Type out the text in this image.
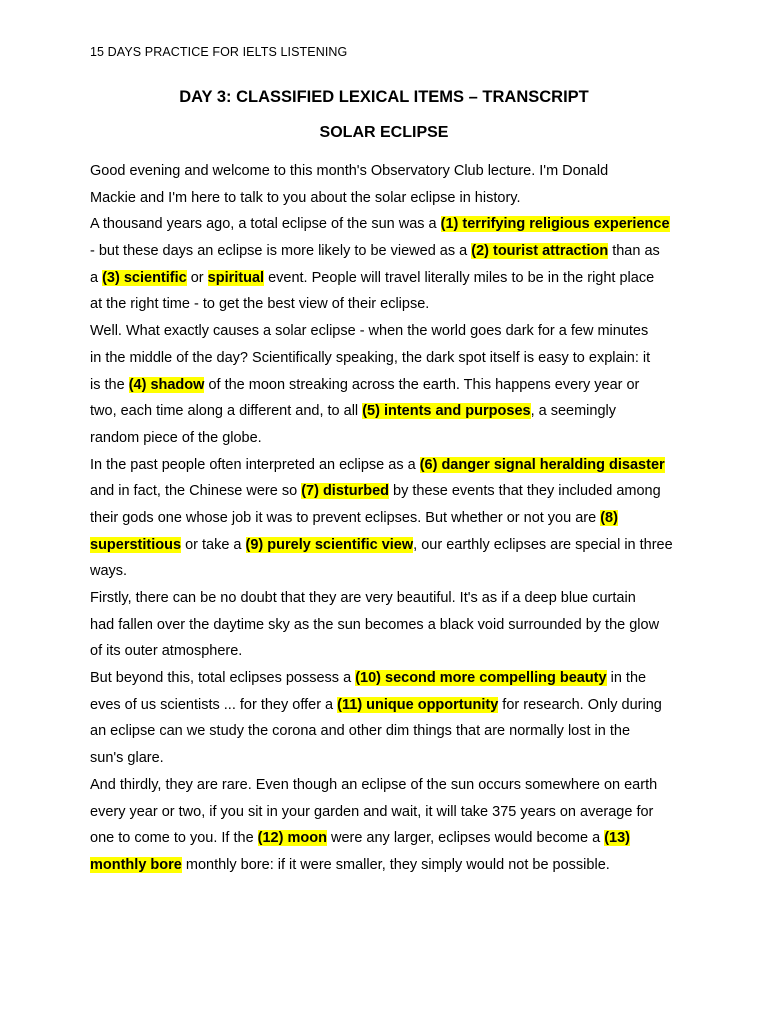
15 DAYS PRACTICE FOR IELTS LISTENING
DAY 3: CLASSIFIED LEXICAL ITEMS – TRANSCRIPT
SOLAR ECLIPSE
Good evening and welcome to this month's Observatory Club lecture. I'm Donald
Mackie and I'm here to talk to you about the solar eclipse in history.
A thousand years ago, a total eclipse of the sun was a (1) terrifying religious experience
- but these days an eclipse is more likely to be viewed as a (2) tourist attraction than as
a (3) scientific or spiritual event. People will travel literally miles to be in the right place
at the right time - to get the best view of their eclipse.
Well. What exactly causes a solar eclipse - when the world goes dark for a few minutes
in the middle of the day? Scientifically speaking, the dark spot itself is easy to explain: it
is the (4) shadow of the moon streaking across the earth. This happens every year or
two, each time along a different and, to all (5) intents and purposes, a seemingly
random piece of the globe.
In the past people often interpreted an eclipse as a (6) danger signal heralding disaster
and in fact, the Chinese were so (7) disturbed by these events that they included among
their gods one whose job it was to prevent eclipses. But whether or not you are (8)
superstitious or take a (9) purely scientific view, our earthly eclipses are special in three
ways.
Firstly, there can be no doubt that they are very beautiful. It's as if a deep blue curtain
had fallen over the daytime sky as the sun becomes a black void surrounded by the glow
of its outer atmosphere.
But beyond this, total eclipses possess a (10) second more compelling beauty in the
eves of us scientists ... for they offer a (11) unique opportunity for research. Only during
an eclipse can we study the corona and other dim things that are normally lost in the
sun's glare.
And thirdly, they are rare. Even though an eclipse of the sun occurs somewhere on earth
every year or two, if you sit in your garden and wait, it will take 375 years on average for
one to come to you. If the (12) moon were any larger, eclipses would become a (13)
monthly bore monthly bore: if it were smaller, they simply would not be possible.
